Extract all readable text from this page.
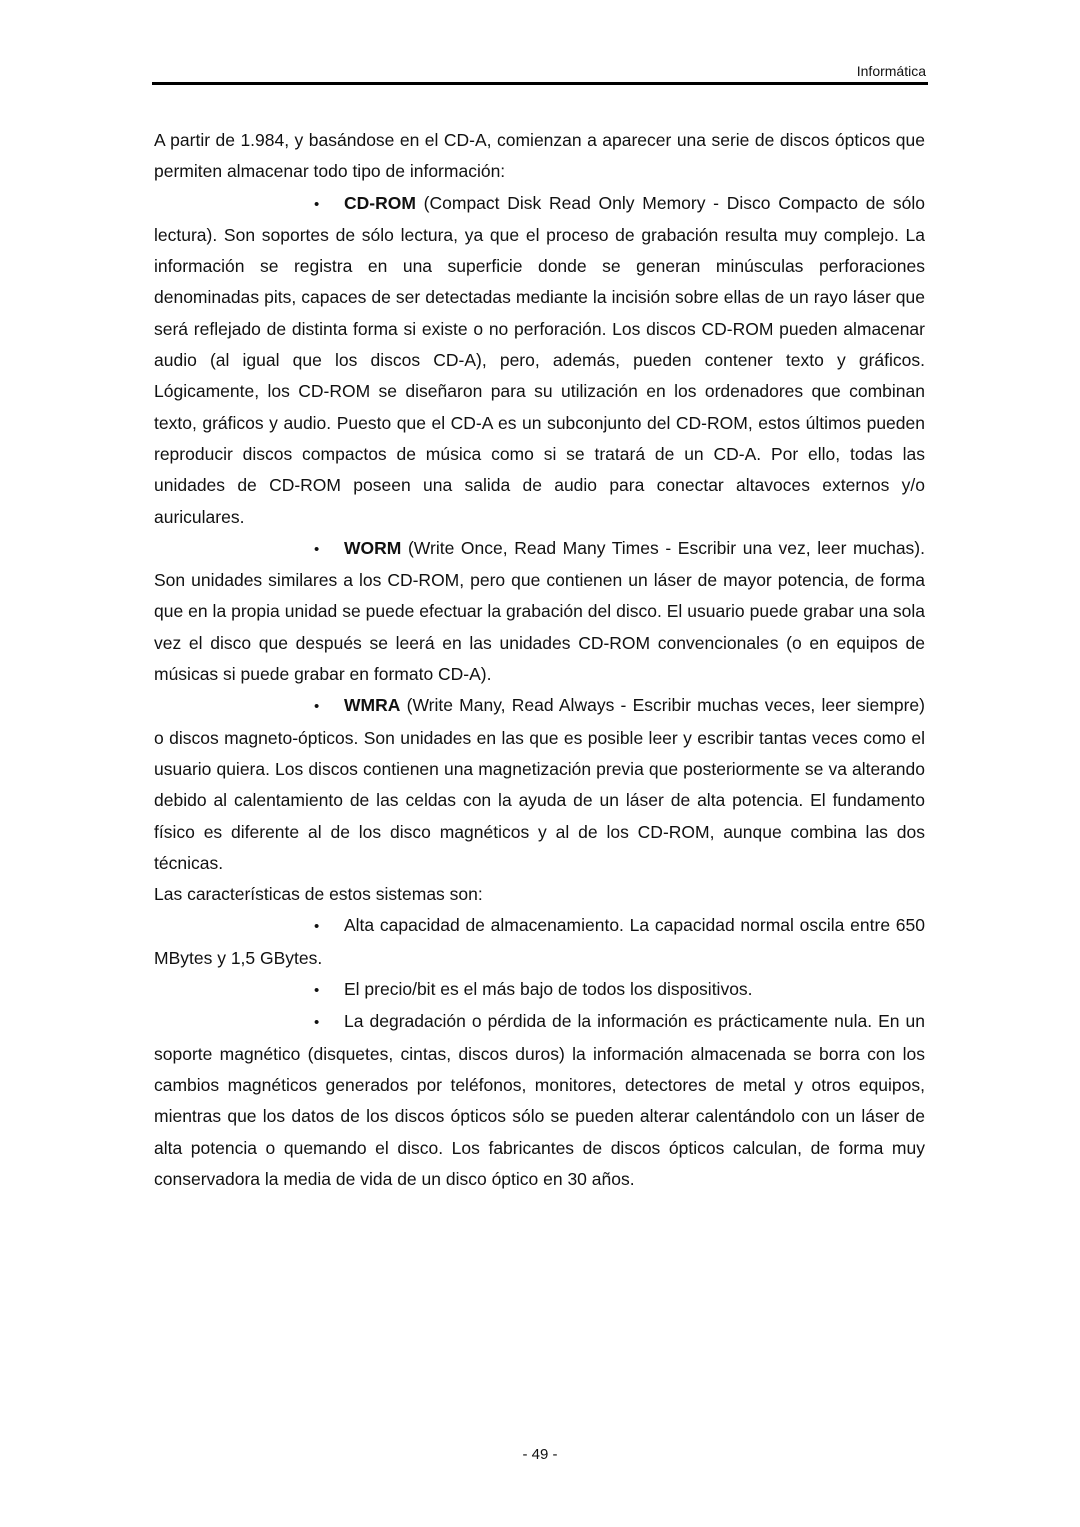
Informática

A partir de 1.984, y basándose en el CD-A, comienzan a aparecer una serie de discos ópticos que permiten almacenar todo tipo de información:

• CD-ROM (Compact Disk Read Only Memory - Disco Compacto de sólo lectura). Son soportes de sólo lectura, ya que el proceso de grabación resulta muy complejo. La información se registra en una superficie donde se generan minúsculas perforaciones denominadas pits, capaces de ser detectadas mediante la incisión sobre ellas de un rayo láser que será reflejado de distinta forma si existe o no perforación. Los discos CD-ROM pueden almacenar audio (al igual que los discos CD-A), pero, además, pueden contener texto y gráficos. Lógicamente, los CD-ROM se diseñaron para su utilización en los ordenadores que combinan texto, gráficos y audio. Puesto que el CD-A es un subconjunto del CD-ROM, estos últimos pueden reproducir discos compactos de música como si se tratará de un CD-A. Por ello, todas las unidades de CD-ROM poseen una salida de audio para conectar altavoces externos y/o auriculares.

• WORM (Write Once, Read Many Times - Escribir una vez, leer muchas). Son unidades similares a los CD-ROM, pero que contienen un láser de mayor potencia, de forma que en la propia unidad se puede efectuar la grabación del disco. El usuario puede grabar una sola vez el disco que después se leerá en las unidades CD-ROM convencionales (o en equipos de músicas si puede grabar en formato CD-A).

• WMRA (Write Many, Read Always - Escribir muchas veces, leer siempre) o discos magneto-ópticos. Son unidades en las que es posible leer y escribir tantas veces como el usuario quiera. Los discos contienen una magnetización previa que posteriormente se va alterando debido al calentamiento de las celdas con la ayuda de un láser de alta potencia. El fundamento físico es diferente al de los disco magnéticos y al de los CD-ROM, aunque combina las dos técnicas.

Las características de estos sistemas son:

• Alta capacidad de almacenamiento. La capacidad normal oscila entre 650 MBytes y 1,5 GBytes.

• El precio/bit es el más bajo de todos los dispositivos.

• La degradación o pérdida de la información es prácticamente nula. En un soporte magnético (disquetes, cintas, discos duros) la información almacenada se borra con los cambios magnéticos generados por teléfonos, monitores, detectores de metal y otros equipos, mientras que los datos de los discos ópticos sólo se pueden alterar calentándolo con un láser de alta potencia o quemando el disco. Los fabricantes de discos ópticos calculan, de forma muy conservadora la media de vida de un disco óptico en 30 años.

- 49 -
